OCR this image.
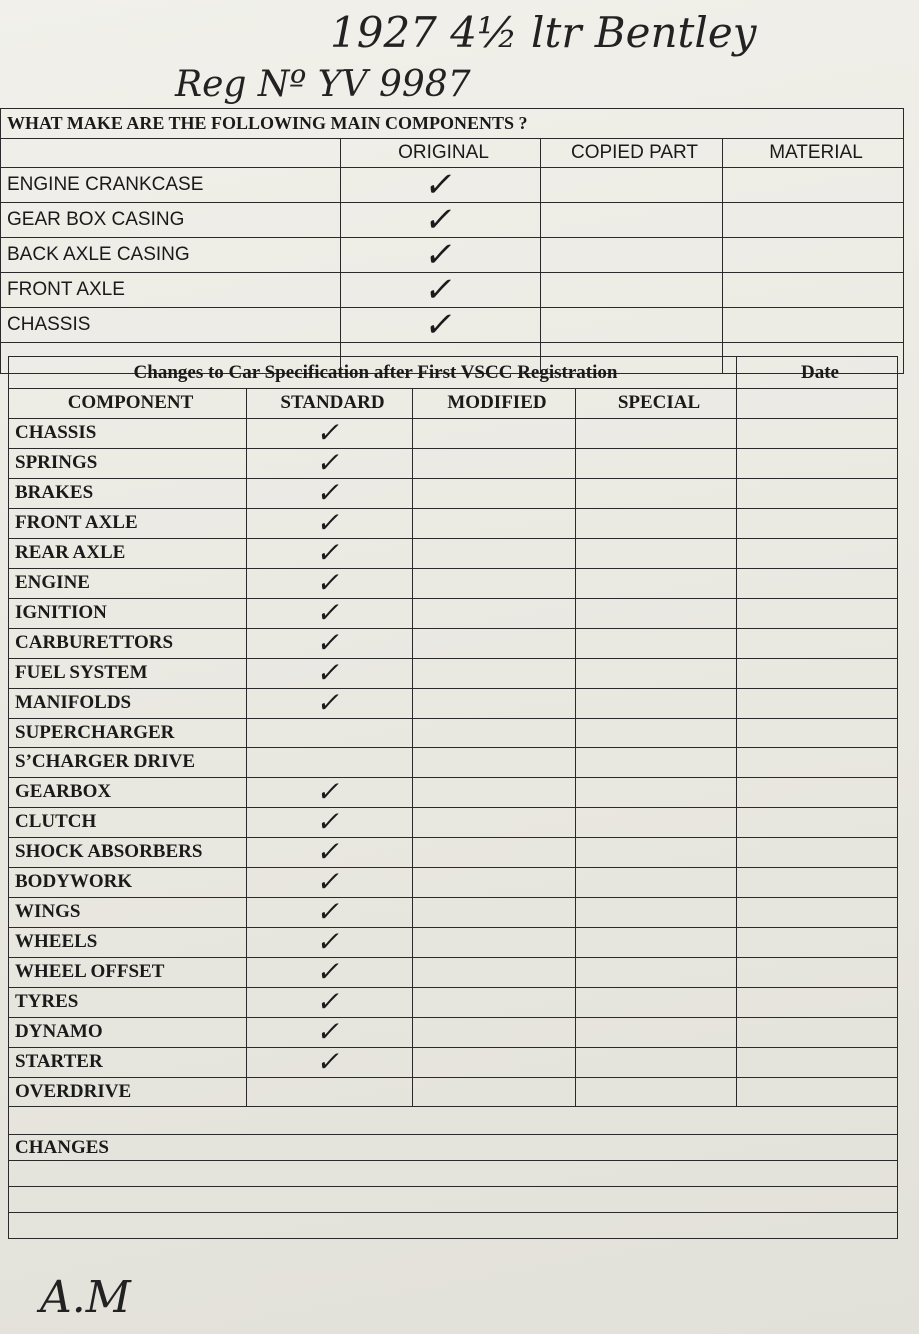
1927 4½ ltr Bentley
Reg Nº YV 9987
WHAT MAKE ARE THE FOLLOWING MAIN COMPONENTS ?			
	ORIGINAL	COPIED PART	MATERIAL
ENGINE CRANKCASE	✓		
GEAR BOX CASING	✓		
BACK AXLE CASING	✓		
FRONT AXLE	✓		
CHASSIS	✓		

Changes to Car Specification after First VSCC Registration				Date
COMPONENT	STANDARD	MODIFIED	SPECIAL	
CHASSIS	✓			
SPRINGS	✓			
BRAKES	✓			
FRONT AXLE	✓			
REAR AXLE	✓			
ENGINE	✓			
IGNITION	✓			
CARBURETTORS	✓			
FUEL SYSTEM	✓			
MANIFOLDS	✓			
SUPERCHARGER				
S’CHARGER DRIVE				
GEARBOX	✓			
CLUTCH	✓			
SHOCK ABSORBERS	✓			
BODYWORK	✓			
WINGS	✓			
WHEELS	✓			
WHEEL OFFSET	✓			
TYRES	✓			
DYNAMO	✓			
STARTER	✓			
OVERDRIVE				

CHANGES

A.M
